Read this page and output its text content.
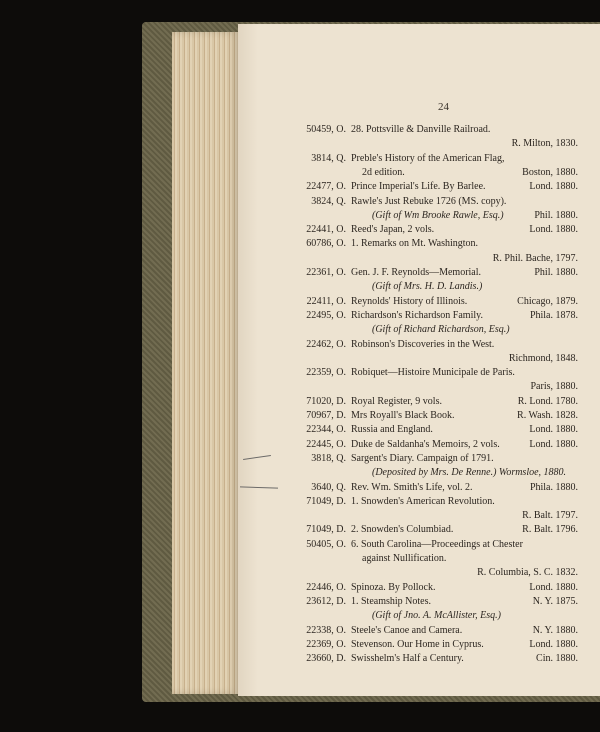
24
50459, O. 28. Pottsville & Danville Railroad.
R. Milton, 1830.
3814, Q. Preble's History of the American Flag,
2d edition.	Boston, 1880.
22477, O. Prince Imperial's Life. By Barlee.	Lond. 1880.
3824, Q. Rawle's Just Rebuke 1726 (MS. copy).
(Gift of Wm Brooke Rawle, Esq.)	Phil. 1880.
22441, O. Reed's Japan, 2 vols.	Lond. 1880.
60786, O. 1. Remarks on Mt. Washington.
R. Phil. Bache, 1797.
22361, O. Gen. J. F. Reynolds—Memorial.	Phil. 1880.
(Gift of Mrs. H. D. Landis.)
22411, O. Reynolds' History of Illinois.	Chicago, 1879.
22495, O. Richardson's Richardson Family.	Phila. 1878.
(Gift of Richard Richardson, Esq.)
22462, O. Robinson's Discoveries in the West.
Richmond, 1848.
22359, O. Robiquet—Histoire Municipale de Paris.
Paris, 1880.
71020, D. Royal Register, 9 vols.	R. Lond. 1780.
70967, D. Mrs Royall's Black Book.	R. Wash. 1828.
22344, O. Russia and England.	Lond. 1880.
22445, O. Duke de Saldanha's Memoirs, 2 vols.	Lond. 1880.
3818, Q. Sargent's Diary. Campaign of 1791.
(Deposited by Mrs. De Renne.) Wormsloe, 1880.
3640, Q. Rev. Wm. Smith's Life, vol. 2.	Phila. 1880.
71049, D. 1. Snowden's American Revolution.
R. Balt. 1797.
71049, D. 2. Snowden's Columbiad.	R. Balt. 1796.
50405, O. 6. South Carolina—Proceedings at Chester
against Nullification.
R. Columbia, S. C. 1832.
22446, O. Spinoza. By Pollock.	Lond. 1880.
23612, D. 1. Steamship Notes.	N. Y. 1875.
(Gift of Jno. A. McAllister, Esq.)
22338, O. Steele's Canoe and Camera.	N. Y. 1880.
22369, O. Stevenson. Our Home in Cyprus.	Lond. 1880.
23660, D. Swisshelm's Half a Century.	Cin. 1880.
